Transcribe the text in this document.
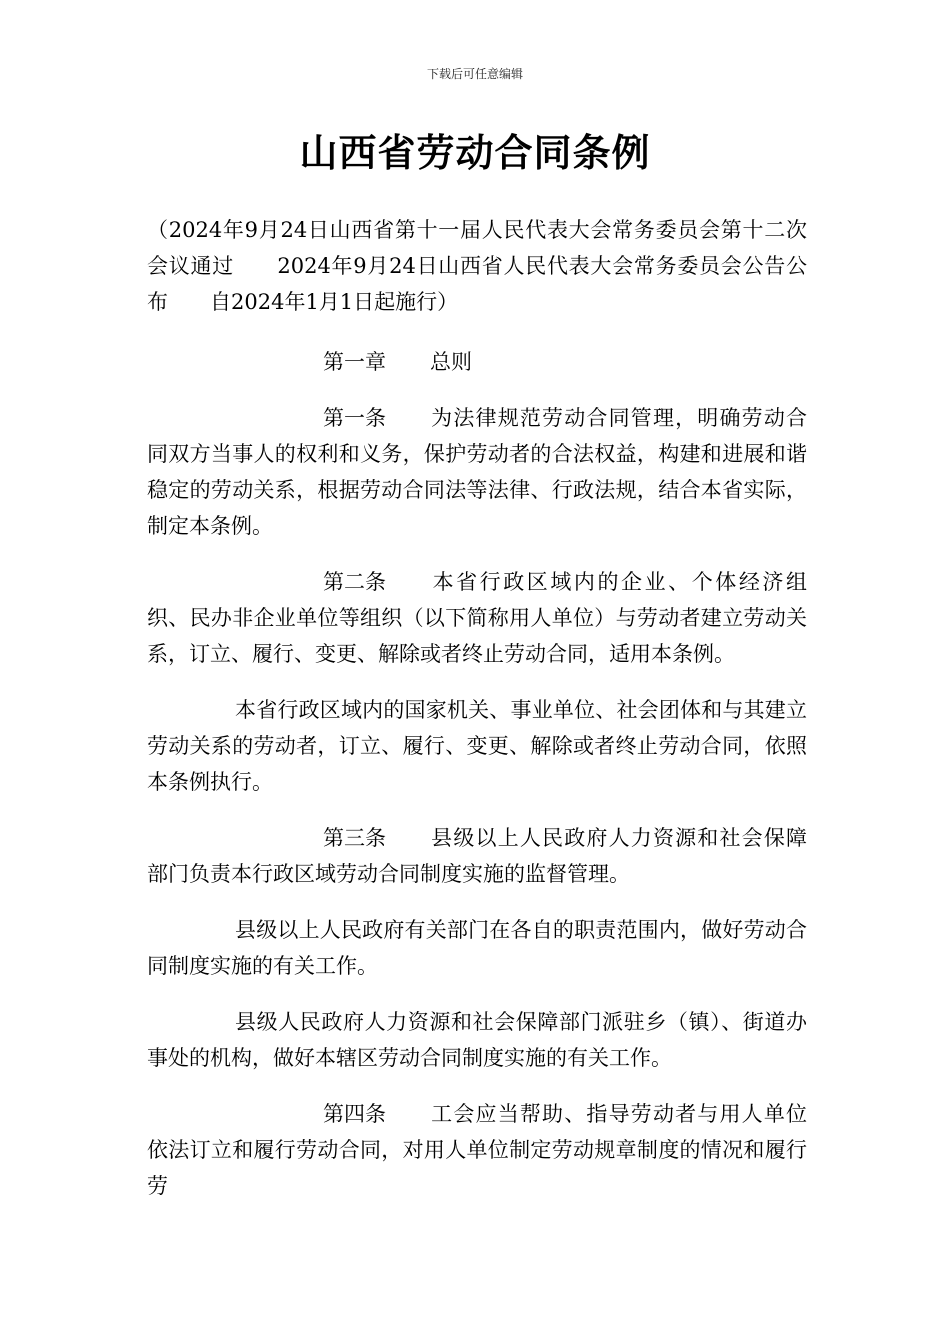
下载后可任意编辑
山西省劳动合同条例

（2024年9月24日山西省第十一届人民代表大会常务委员会第十二次会议通过　　2024年9月24日山西省人民代表大会常务委员会公告公布　　自2024年1月1日起施行）

第一章 总则

第一条 为法律规范劳动合同管理，明确劳动合同双方当事人的权利和义务，保护劳动者的合法权益，构建和进展和谐稳定的劳动关系，根据劳动合同法等法律、行政法规，结合本省实际，制定本条例。

第二条 本省行政区域内的企业、个体经济组织、民办非企业单位等组织（以下简称用人单位）与劳动者建立劳动关系，订立、履行、变更、解除或者终止劳动合同，适用本条例。

本省行政区域内的国家机关、事业单位、社会团体和与其建立劳动关系的劳动者，订立、履行、变更、解除或者终止劳动合同，依照本条例执行。

第三条 县级以上人民政府人力资源和社会保障部门负责本行政区域劳动合同制度实施的监督管理。

县级以上人民政府有关部门在各自的职责范围内，做好劳动合同制度实施的有关工作。

县级人民政府人力资源和社会保障部门派驻乡（镇）、街道办事处的机构，做好本辖区劳动合同制度实施的有关工作。

第四条 工会应当帮助、指导劳动者与用人单位依法订立和履行劳动合同，对用人单位制定劳动规章制度的情况和履行劳
